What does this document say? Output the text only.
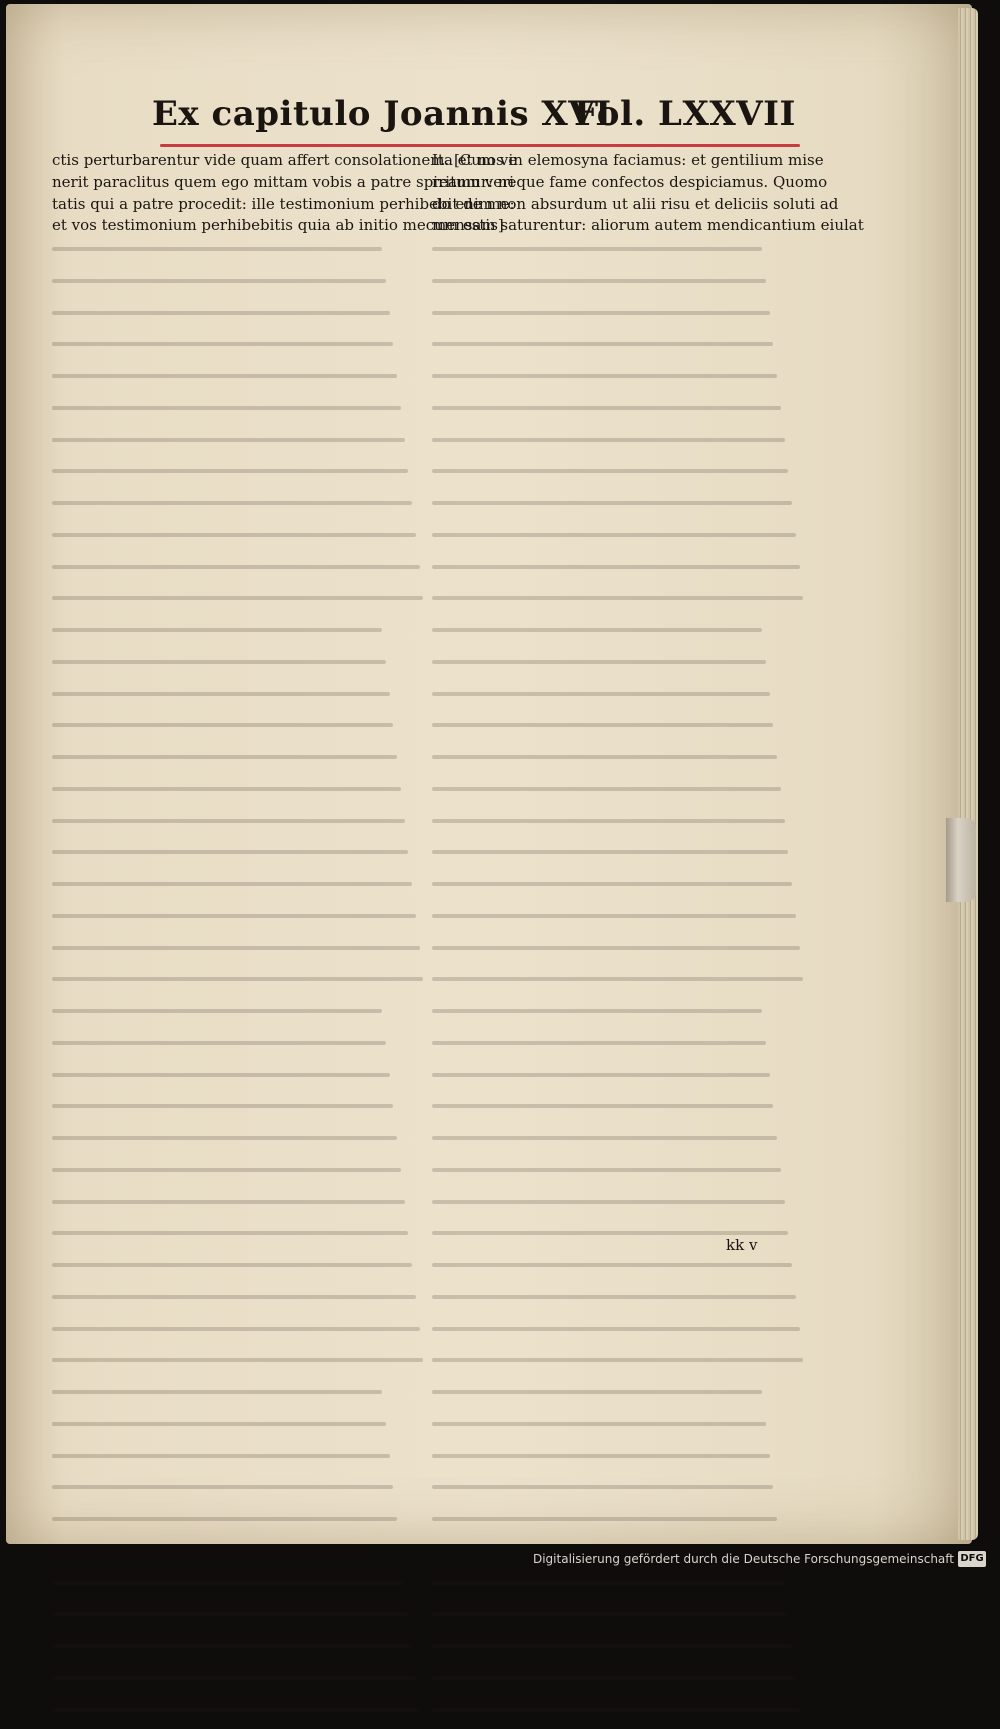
Ex capitulo Joannis XVI
Fol. LXXVII
ctis perturbarentur vide quam affert consolationem. [Cum ve
nerit paraclitus quem ego mittam vobis a patre spiritum veri
tatis qui a patre procedit: ille testimonium perhibebit de me:
et vos testimonium perhibebitis quia ab initio mecum estis]
Ita et nos in elemosyna faciamus: et gentilium mise
reamur: neque fame confectos despiciamus. Quomo
do enim non absurdum ut alii risu et deliciis soluti ad
mensam saturentur: aliorum autem mendicantium eiulat
kk v
Digitalisierung gefördert durch die Deutsche Forschungsgemeinschaft DFG
